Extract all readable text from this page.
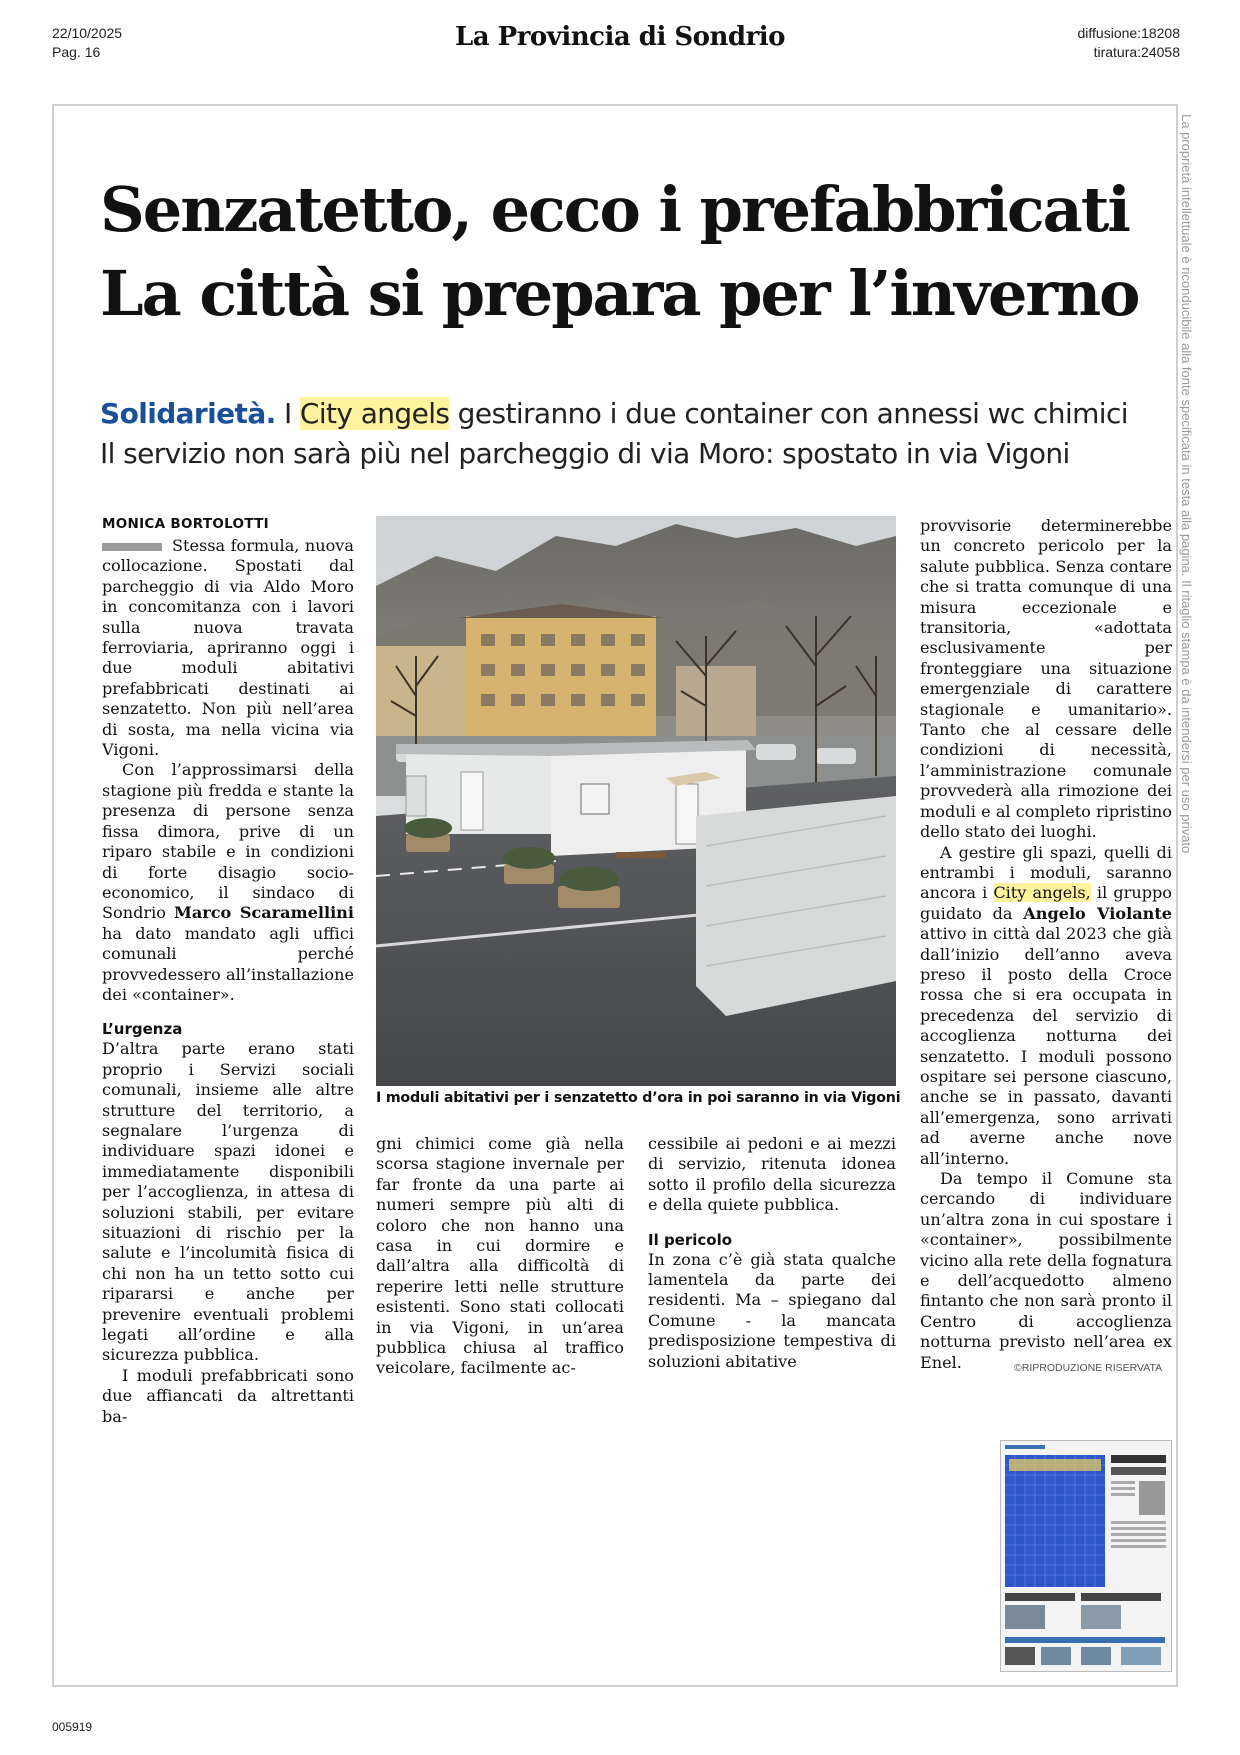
22/10/2025
Pag. 16	La Provincia di Sondrio	diffusione:18208
tiratura:24058
La proprietà intellettuale è riconducibile alla fonte specificata in testa alla pagina. Il ritaglio stampa è da intendersi per uso privato
Senzatetto, ecco i prefabbricati
La città si prepara per l’inverno
Solidarietà. I City angels gestiranno i due container con annessi wc chimici
Il servizio non sarà più nel parcheggio di via Moro: spostato in via Vigoni
MONICA BORTOLOTTI

Stessa formula, nuova collocazione. Spostati dal parcheggio di via Aldo Moro in concomitanza con i lavori sulla nuova travata ferroviaria, apriranno oggi i due moduli abitativi prefabbricati destinati ai senzatetto. Non più nell’area di sosta, ma nella vicina via Vigoni.

Con l’approssimarsi della stagione più fredda e stante la presenza di persone senza fissa dimora, prive di un riparo stabile e in condizioni di forte disagio socio-economico, il sindaco di Sondrio Marco Scaramellini ha dato mandato agli uffici comunali perché provvedessero all’installazione dei «container».

L’urgenza

D’altra parte erano stati proprio i Servizi sociali comunali, insieme alle altre strutture del territorio, a segnalare l’urgenza di individuare spazi idonei e immediatamente disponibili per l’accoglienza, in attesa di soluzioni stabili, per evitare situazioni di rischio per la salute e l’incolumità fisica di chi non ha un tetto sotto cui ripararsi e anche per prevenire eventuali problemi legati all’ordine e alla sicurezza pubblica.

I moduli prefabbricati sono due affiancati da altrettanti ba-

I moduli abitativi per i senzatetto d’ora in poi saranno in via Vigoni

gni chimici come già nella scorsa stagione invernale per far fronte da una parte ai numeri sempre più alti di coloro che non hanno una casa in cui dormire e dall’altra alla difficoltà di reperire letti nelle strutture esistenti. Sono stati collocati in via Vigoni, in un’area pubblica chiusa al traffico veicolare, facilmente ac-

cessibile ai pedoni e ai mezzi di servizio, ritenuta idonea sotto il profilo della sicurezza e della quiete pubblica.

Il pericolo

In zona c’è già stata qualche lamentela da parte dei residenti. Ma – spiegano dal Comune - la mancata predisposizione tempestiva di soluzioni abitative

provvisorie determinerebbe un concreto pericolo per la salute pubblica. Senza contare che si tratta comunque di una misura eccezionale e transitoria, «adottata esclusivamente per fronteggiare una situazione emergenziale di carattere stagionale e umanitario». Tanto che al cessare delle condizioni di necessità, l’amministrazione comunale provvederà alla rimozione dei moduli e al completo ripristino dello stato dei luoghi.

A gestire gli spazi, quelli di entrambi i moduli, saranno ancora i City angels, il gruppo guidato da Angelo Violante attivo in città dal 2023 che già dall’inizio dell’anno aveva preso il posto della Croce rossa che si era occupata in precedenza del servizio di accoglienza notturna dei senzatetto. I moduli possono ospitare sei persone ciascuno, anche se in passato, davanti all’emergenza, sono arrivati ad averne anche nove all’interno.

Da tempo il Comune sta cercando di individuare un’altra zona in cui spostare i «container», possibilmente vicino alla rete della fognatura e dell’acquedotto almeno fintanto che non sarà pronto il Centro di accoglienza notturna previsto nell’area ex Enel.	©RIPRODUZIONE RISERVATA
005919
